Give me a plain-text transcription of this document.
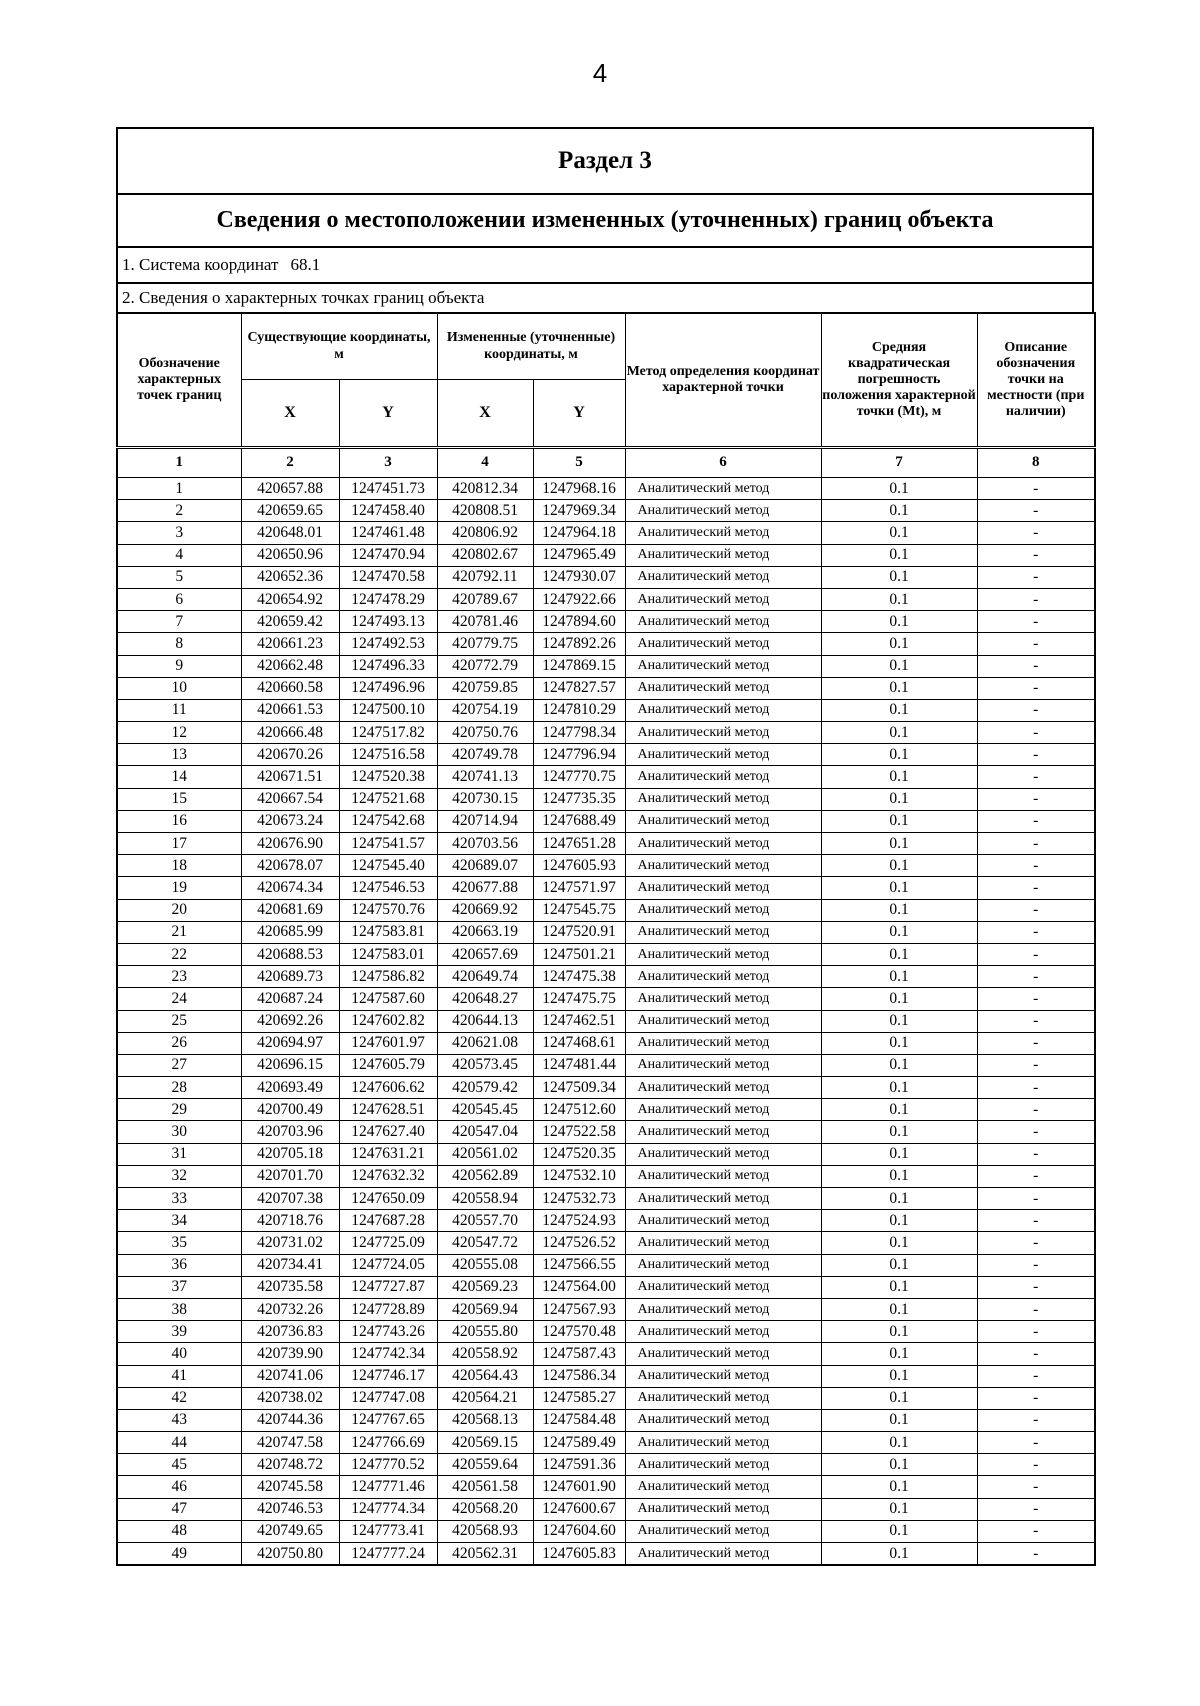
4
Раздел 3
Сведения о местоположении измененных (уточненных) границ объекта
1. Система координат 68.1
2. Сведения о характерных точках границ объекта
Обозначение характерных точек границ	Существующие координаты, м		Измененные (уточненные) координаты, м		Метод определения координат характерной точки	Средняя квадратическая погрешность положения характерной точки (Mt), м	Описание обозначения точки на местности (при наличии)
	X	Y	X	Y			
1	2	3	4	5	6	7	8
1	420657.88	1247451.73	420812.34	1247968.16	Аналитический метод	0.1	-
2	420659.65	1247458.40	420808.51	1247969.34	Аналитический метод	0.1	-
3	420648.01	1247461.48	420806.92	1247964.18	Аналитический метод	0.1	-
4	420650.96	1247470.94	420802.67	1247965.49	Аналитический метод	0.1	-
5	420652.36	1247470.58	420792.11	1247930.07	Аналитический метод	0.1	-
6	420654.92	1247478.29	420789.67	1247922.66	Аналитический метод	0.1	-
7	420659.42	1247493.13	420781.46	1247894.60	Аналитический метод	0.1	-
8	420661.23	1247492.53	420779.75	1247892.26	Аналитический метод	0.1	-
9	420662.48	1247496.33	420772.79	1247869.15	Аналитический метод	0.1	-
10	420660.58	1247496.96	420759.85	1247827.57	Аналитический метод	0.1	-
11	420661.53	1247500.10	420754.19	1247810.29	Аналитический метод	0.1	-
12	420666.48	1247517.82	420750.76	1247798.34	Аналитический метод	0.1	-
13	420670.26	1247516.58	420749.78	1247796.94	Аналитический метод	0.1	-
14	420671.51	1247520.38	420741.13	1247770.75	Аналитический метод	0.1	-
15	420667.54	1247521.68	420730.15	1247735.35	Аналитический метод	0.1	-
16	420673.24	1247542.68	420714.94	1247688.49	Аналитический метод	0.1	-
17	420676.90	1247541.57	420703.56	1247651.28	Аналитический метод	0.1	-
18	420678.07	1247545.40	420689.07	1247605.93	Аналитический метод	0.1	-
19	420674.34	1247546.53	420677.88	1247571.97	Аналитический метод	0.1	-
20	420681.69	1247570.76	420669.92	1247545.75	Аналитический метод	0.1	-
21	420685.99	1247583.81	420663.19	1247520.91	Аналитический метод	0.1	-
22	420688.53	1247583.01	420657.69	1247501.21	Аналитический метод	0.1	-
23	420689.73	1247586.82	420649.74	1247475.38	Аналитический метод	0.1	-
24	420687.24	1247587.60	420648.27	1247475.75	Аналитический метод	0.1	-
25	420692.26	1247602.82	420644.13	1247462.51	Аналитический метод	0.1	-
26	420694.97	1247601.97	420621.08	1247468.61	Аналитический метод	0.1	-
27	420696.15	1247605.79	420573.45	1247481.44	Аналитический метод	0.1	-
28	420693.49	1247606.62	420579.42	1247509.34	Аналитический метод	0.1	-
29	420700.49	1247628.51	420545.45	1247512.60	Аналитический метод	0.1	-
30	420703.96	1247627.40	420547.04	1247522.58	Аналитический метод	0.1	-
31	420705.18	1247631.21	420561.02	1247520.35	Аналитический метод	0.1	-
32	420701.70	1247632.32	420562.89	1247532.10	Аналитический метод	0.1	-
33	420707.38	1247650.09	420558.94	1247532.73	Аналитический метод	0.1	-
34	420718.76	1247687.28	420557.70	1247524.93	Аналитический метод	0.1	-
35	420731.02	1247725.09	420547.72	1247526.52	Аналитический метод	0.1	-
36	420734.41	1247724.05	420555.08	1247566.55	Аналитический метод	0.1	-
37	420735.58	1247727.87	420569.23	1247564.00	Аналитический метод	0.1	-
38	420732.26	1247728.89	420569.94	1247567.93	Аналитический метод	0.1	-
39	420736.83	1247743.26	420555.80	1247570.48	Аналитический метод	0.1	-
40	420739.90	1247742.34	420558.92	1247587.43	Аналитический метод	0.1	-
41	420741.06	1247746.17	420564.43	1247586.34	Аналитический метод	0.1	-
42	420738.02	1247747.08	420564.21	1247585.27	Аналитический метод	0.1	-
43	420744.36	1247767.65	420568.13	1247584.48	Аналитический метод	0.1	-
44	420747.58	1247766.69	420569.15	1247589.49	Аналитический метод	0.1	-
45	420748.72	1247770.52	420559.64	1247591.36	Аналитический метод	0.1	-
46	420745.58	1247771.46	420561.58	1247601.90	Аналитический метод	0.1	-
47	420746.53	1247774.34	420568.20	1247600.67	Аналитический метод	0.1	-
48	420749.65	1247773.41	420568.93	1247604.60	Аналитический метод	0.1	-
49	420750.80	1247777.24	420562.31	1247605.83	Аналитический метод	0.1	-
